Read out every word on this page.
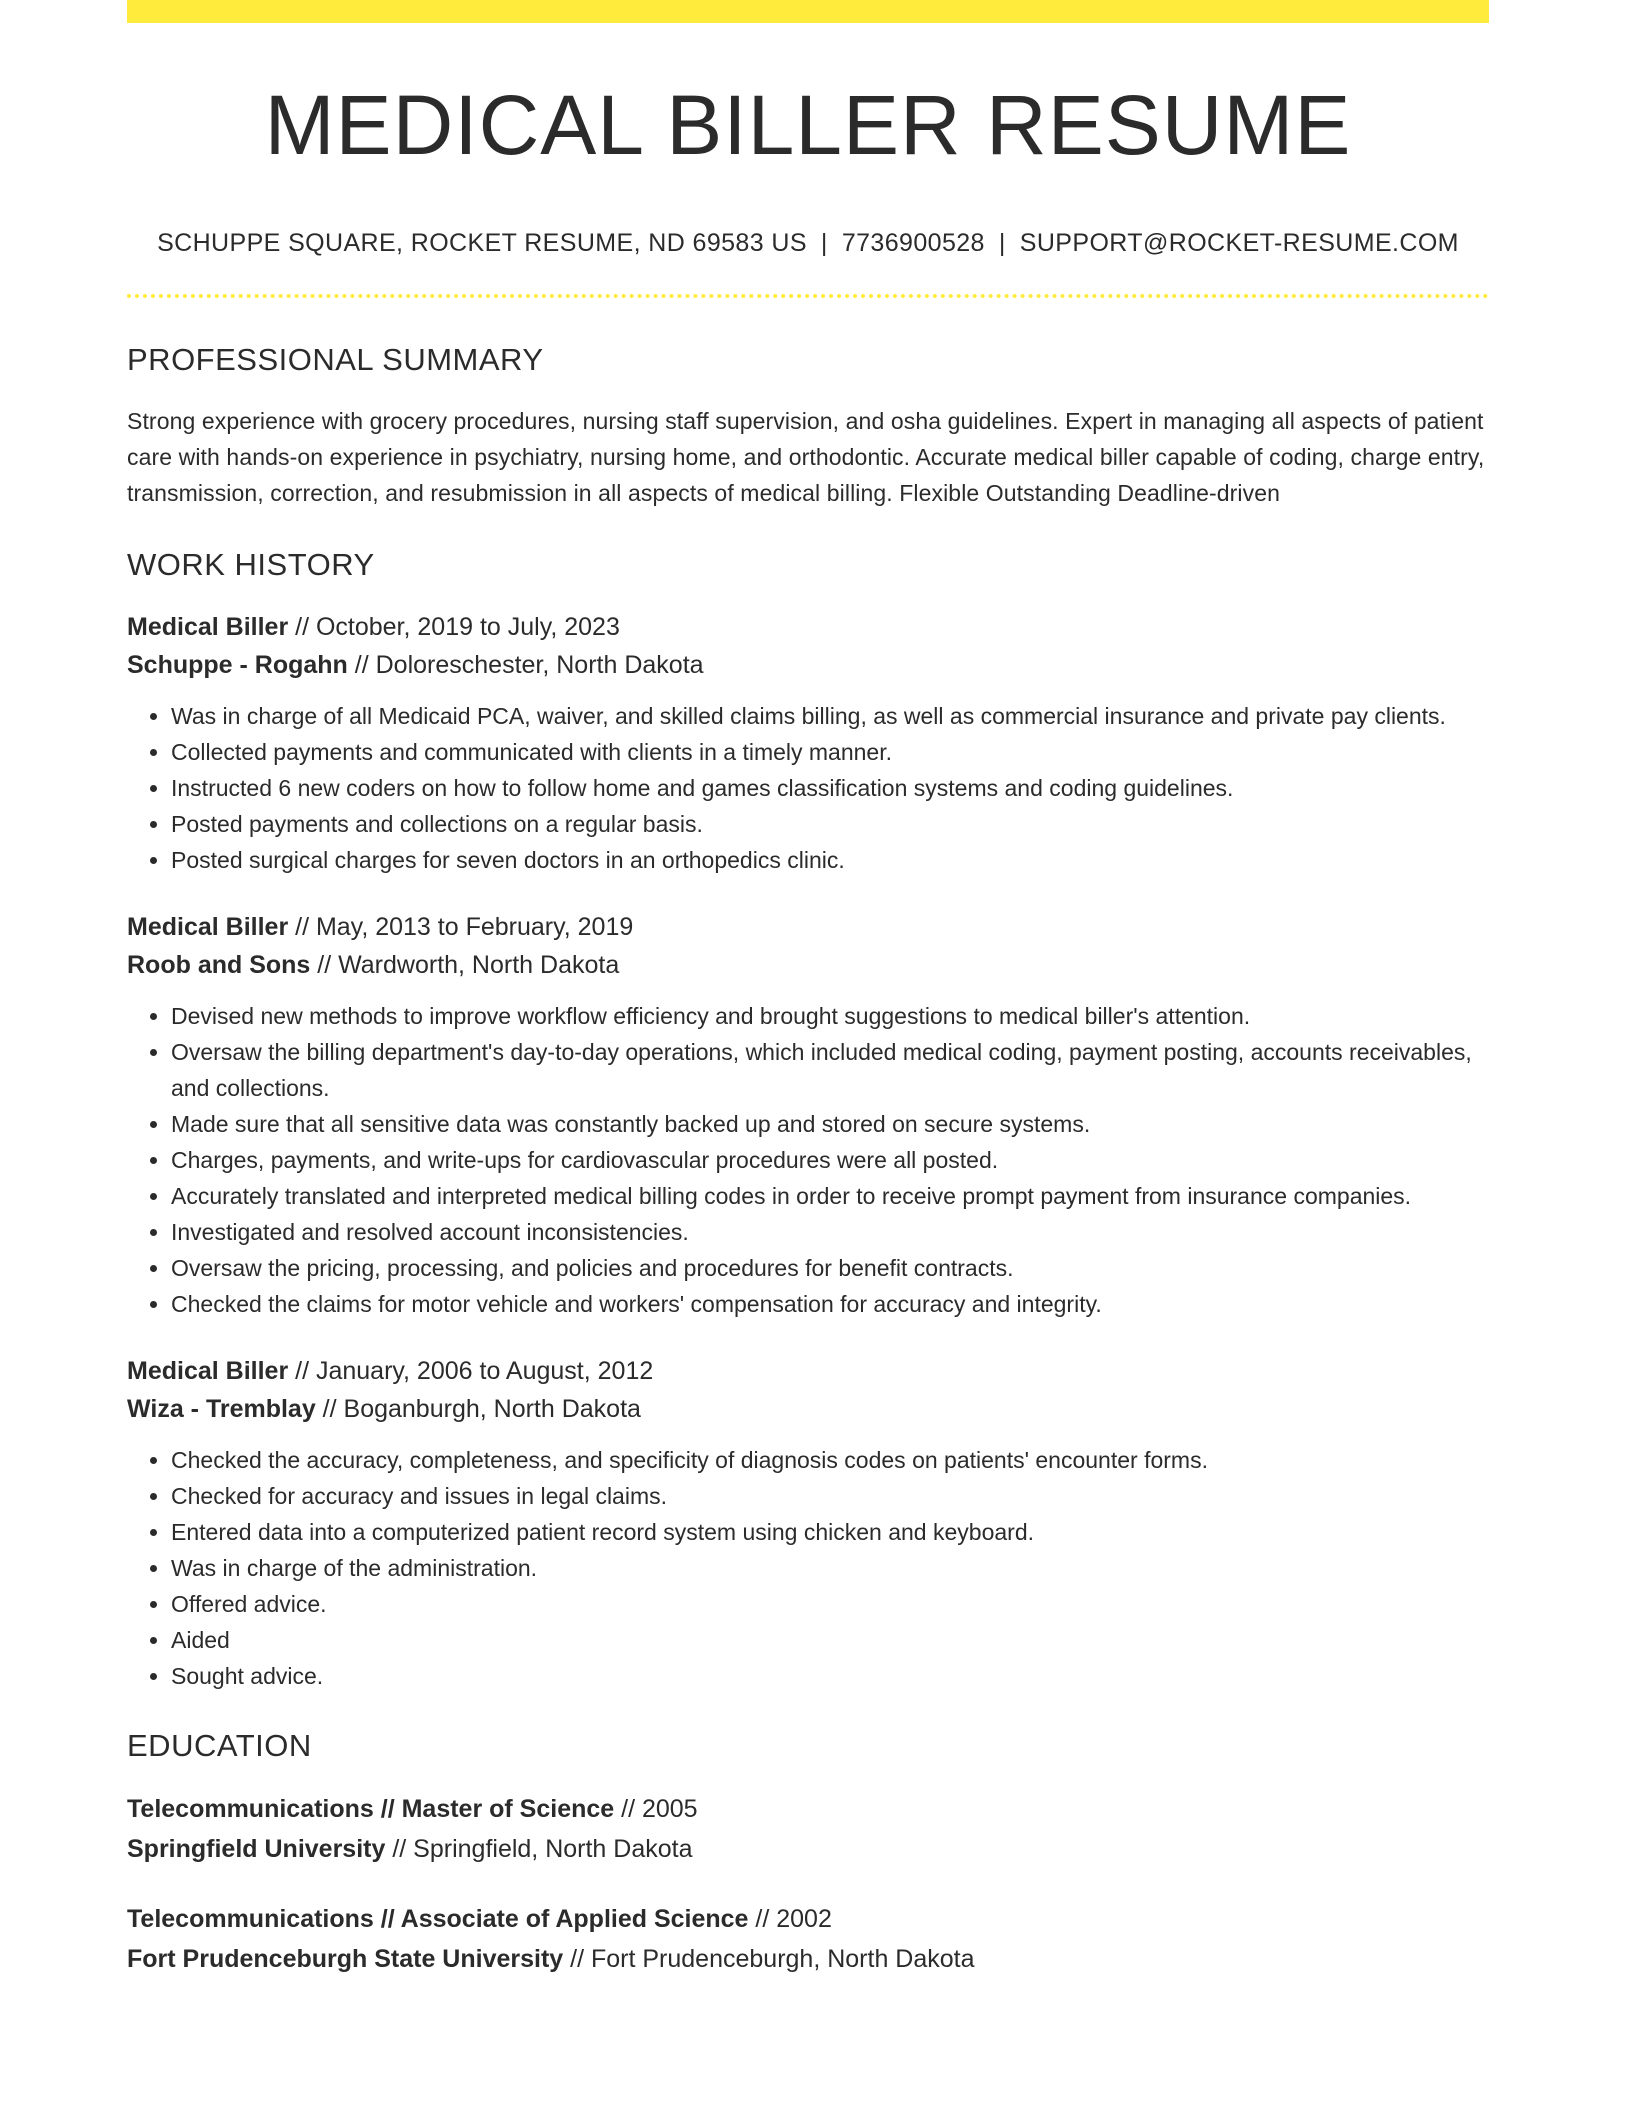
MEDICAL BILLER RESUME
SCHUPPE SQUARE, ROCKET RESUME, ND 69583 US | 7736900528 | SUPPORT@ROCKET-RESUME.COM
PROFESSIONAL SUMMARY
Strong experience with grocery procedures, nursing staff supervision, and osha guidelines. Expert in managing all aspects of patient care with hands-on experience in psychiatry, nursing home, and orthodontic. Accurate medical biller capable of coding, charge entry, transmission, correction, and resubmission in all aspects of medical billing. Flexible Outstanding Deadline-driven
WORK HISTORY
Medical Biller // October, 2019 to July, 2023
Schuppe - Rogahn // Doloreschester, North Dakota
• Was in charge of all Medicaid PCA, waiver, and skilled claims billing, as well as commercial insurance and private pay clients.
• Collected payments and communicated with clients in a timely manner.
• Instructed 6 new coders on how to follow home and games classification systems and coding guidelines.
• Posted payments and collections on a regular basis.
• Posted surgical charges for seven doctors in an orthopedics clinic.
Medical Biller // May, 2013 to February, 2019
Roob and Sons // Wardworth, North Dakota
• Devised new methods to improve workflow efficiency and brought suggestions to medical biller's attention.
• Oversaw the billing department's day-to-day operations, which included medical coding, payment posting, accounts receivables, and collections.
• Made sure that all sensitive data was constantly backed up and stored on secure systems.
• Charges, payments, and write-ups for cardiovascular procedures were all posted.
• Accurately translated and interpreted medical billing codes in order to receive prompt payment from insurance companies.
• Investigated and resolved account inconsistencies.
• Oversaw the pricing, processing, and policies and procedures for benefit contracts.
• Checked the claims for motor vehicle and workers' compensation for accuracy and integrity.
Medical Biller // January, 2006 to August, 2012
Wiza - Tremblay // Boganburgh, North Dakota
• Checked the accuracy, completeness, and specificity of diagnosis codes on patients' encounter forms.
• Checked for accuracy and issues in legal claims.
• Entered data into a computerized patient record system using chicken and keyboard.
• Was in charge of the administration.
• Offered advice.
• Aided
• Sought advice.
EDUCATION
Telecommunications // Master of Science // 2005
Springfield University // Springfield, North Dakota
Telecommunications // Associate of Applied Science // 2002
Fort Prudenceburgh State University // Fort Prudenceburgh, North Dakota
